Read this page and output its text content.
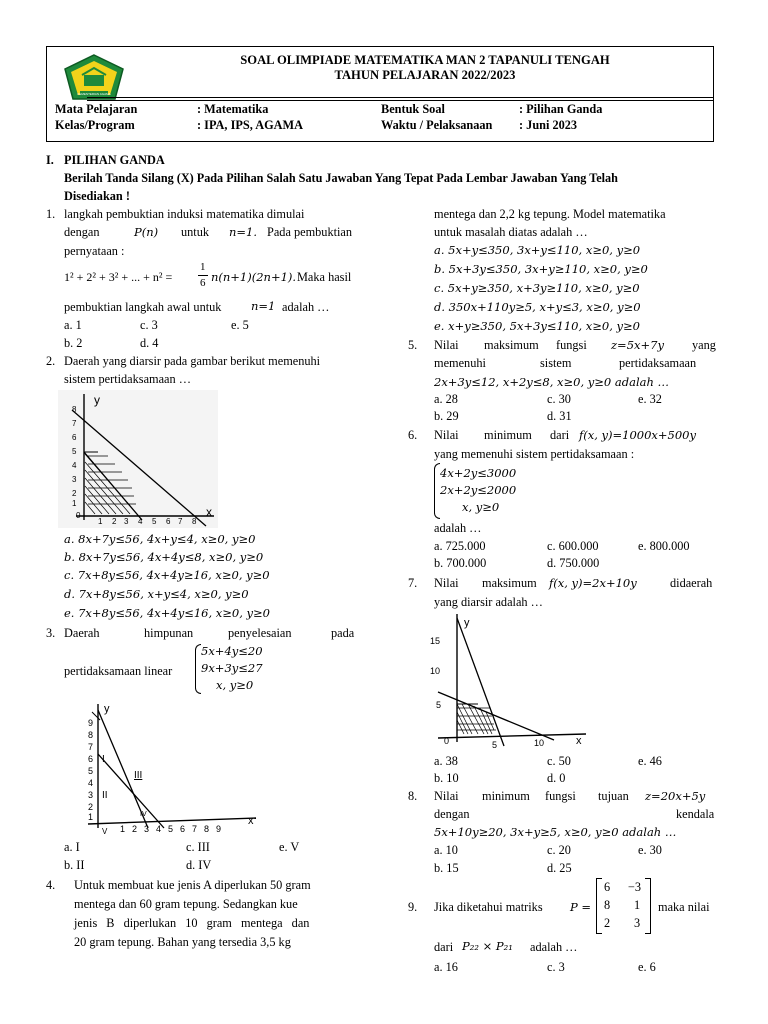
KEMENTERIAN AGAMA
SOAL OLIMPIADE MATEMATIKA MAN 2 TAPANULI TENGAH
TAHUN PELAJARAN 2022/2023
Mata Pelajaran	: Matematika	Bentuk Soal	: Pilihan Ganda
Kelas/Program	: IPA, IPS, AGAMA	Waktu / Pelaksanaan : Juni 2023
I. PILIHAN GANDA
Berilah Tanda Silang (X) Pada Pilihan Salah Satu Jawaban Yang Tepat Pada Lembar Jawaban Yang Telah
Disediakan !
1. langkah pembuktian induksi matematika dimulai
dengan	P(n) untuk n=1. Pada pembuktian
pernyataan :
1² + 2² + 3² + ... + n² =
1
6 n(n+1)(2n+1). Maka hasil
pembuktian langkah awal untuk	n=1 adalah …
a. 1	c. 3	e. 5
b. 2	d. 4
2. Daerah yang diarsir pada gambar berikut memenuhi
sistem pertidaksamaan …
y
x
8
7
6
5
4
3
2
1
0
1 2 3 4 5 6 7 8
a. 8x+7y≤56, 4x+y≤4, x≥0, y≥0
b. 8x+7y≤56, 4x+4y≤8, x≥0, y≥0
c. 7x+8y≤56, 4x+4y≥16, x≥0, y≥0
d. 7x+8y≤56, x+y≤4, x≥0, y≥0
e. 7x+8y≤56, 4x+4y≤16, x≥0, y≥0
3. Daerah	himpunan	penyelesaian	pada
pertidaksamaan linear
5x+4y≤20
9x+3y≤27
x, y≥0
y
x
9
8
7
6
5
4
3
2
1
1 2 3 4 5 6 7 8 9
I
II
III
IV
V
a. I	c. III	e. V
b. II	d. IV
4. Untuk membuat kue jenis A diperlukan 50 gram
mentega dan 60 gram tepung. Sedangkan kue
jenis B diperlukan 10 gram mentega dan
20 gram tepung. Bahan yang tersedia 3,5 kg
mentega dan 2,2 kg tepung. Model matematika
untuk masalah diatas adalah …
a. 5x+y≤350, 3x+y≤110, x≥0, y≥0
b. 5x+3y≤350, 3x+y≥110, x≥0, y≥0
c. 5x+y≥350, x+3y≥110, x≥0, y≥0
d. 350x+110y≥5, x+y≤3, x≥0, y≥0
e. x+y≥350, 5x+3y≤110, x≥0, y≥0
5. Nilai maksimum fungsi z=5x+7y yang
memenuhi	sistem	pertidaksamaan
2x+3y≤12, x+2y≤8, x≥0, y≥0 adalah …
a. 28	c. 30	e. 32
b. 29	d. 31
6. Nilai minimum dari f(x, y)=1000x+500y
yang memenuhi sistem pertidaksamaan :
4x+2y≤3000
2x+2y≤2000
x, y≥0
adalah …
a. 725.000	c. 600.000	e. 800.000
b. 700.000	d. 750.000
7. Nilai maksimum f(x, y)=2x+10y	didaerah
yang diarsir adalah …
y
x
15
10
5
0	5	10
a. 38	c. 50	e. 46
b. 10	d. 0
8. Nilai minimum fungsi tujuan z=20x+5y
dengan	kendala
5x+10y≥20, 3x+y≥5, x≥0, y≥0 adalah …
a. 10	c. 20	e. 30
b. 15	d. 25
9. Jika diketahui matriks P =
6 −3
8 1
2 3
maka nilai
dari P₂₂ × P₂₁ adalah …
a. 16	c. 3	e. 6
